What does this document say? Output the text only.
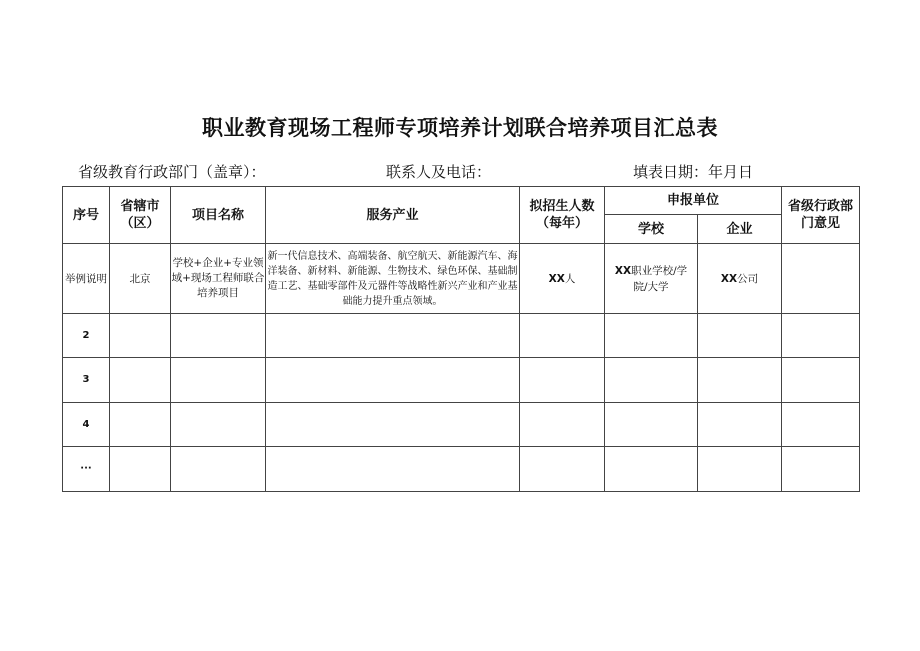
职业教育现场工程师专项培养计划联合培养项目汇总表
省级教育行政部门（盖章）：	联系人及电话：	填表日期：年月日
序号	省辖市（区）	项目名称	服务产业	拟招生人数（每年）	申报单位		省级行政部门意见
					学校	企业	
举例说明	北京	学校+企业+专业领域+现场工程师联合培养项目	新一代信息技术、高端装备、航空航天、新能源汽车、海洋装备、新材料、新能源、生物技术、绿色环保、基础制造工艺、基础零部件及元器件等战略性新兴产业和产业基础能力提升重点领域。	XX人	XX职业学校/学院/大学	XX公司	
2							
3							
4							
···							
